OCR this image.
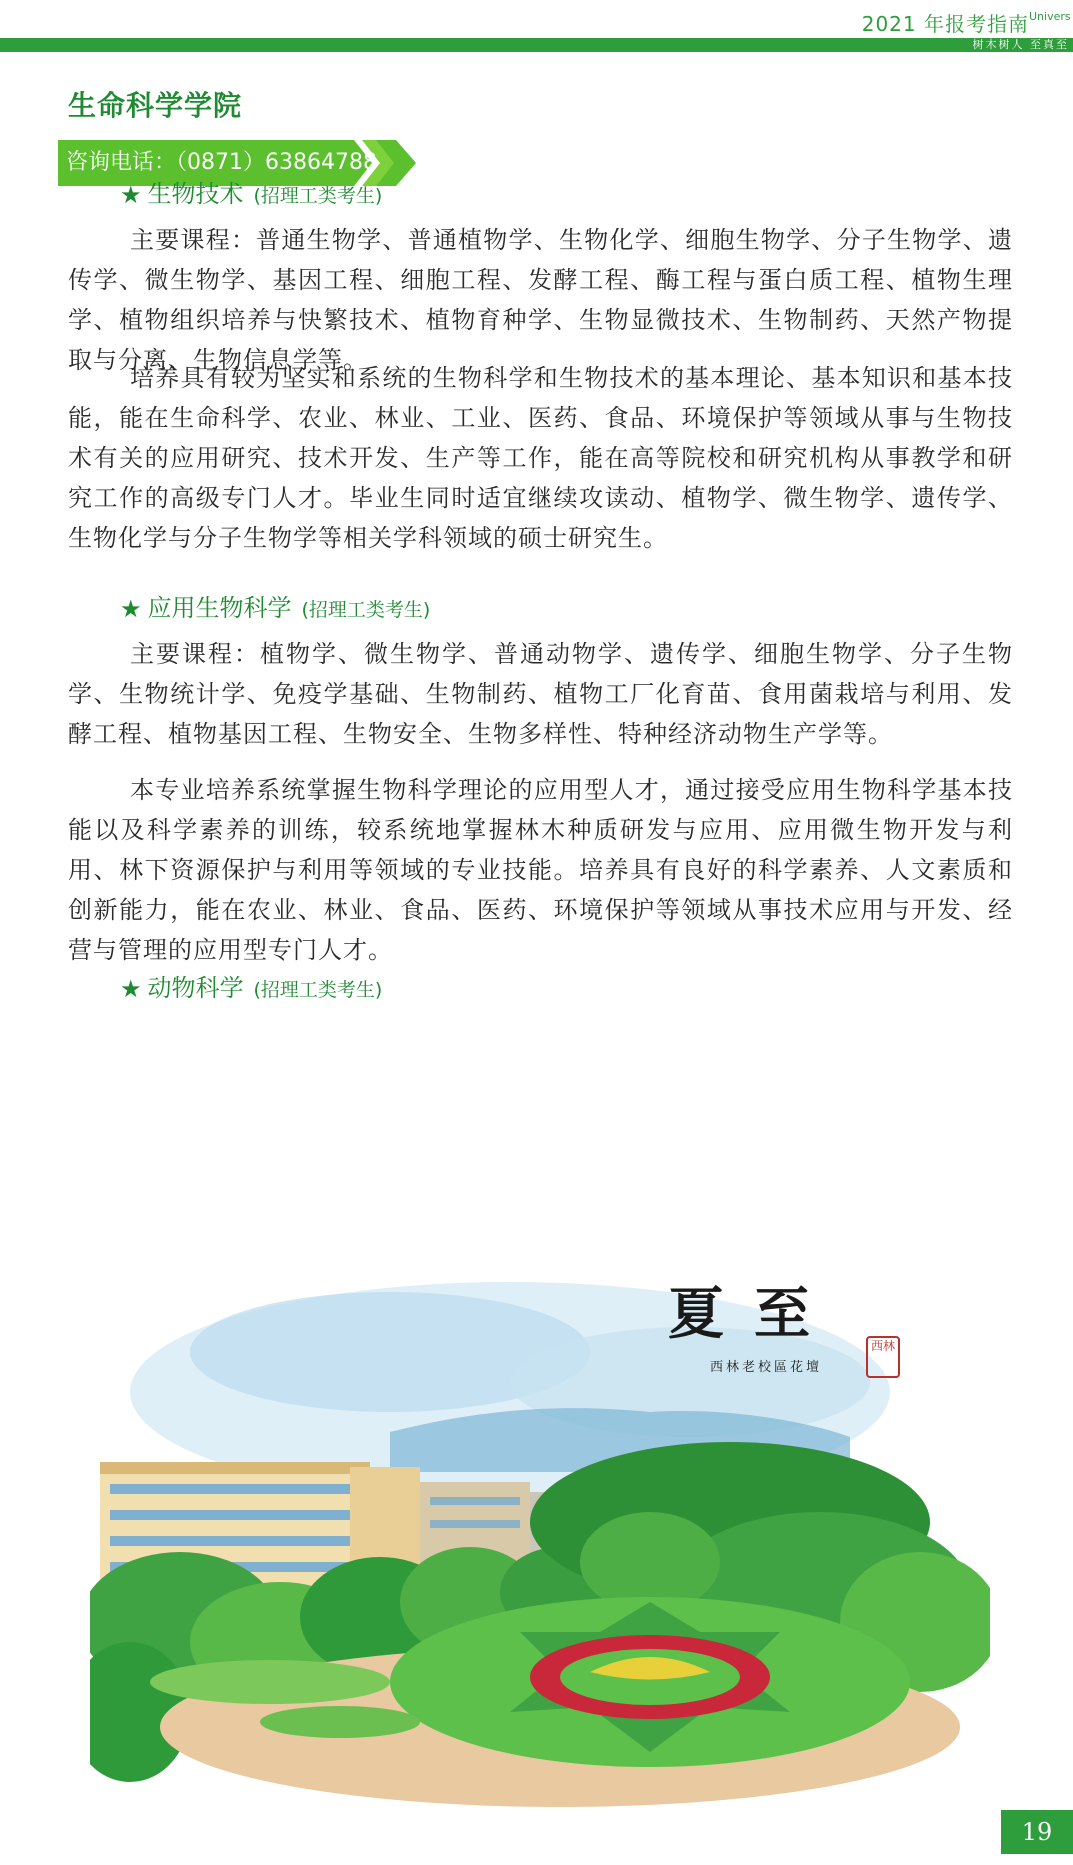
2021 年报考指南 Univers
树木树人 至真至
生命科学学院
咨询电话：（0871）63864788
★ 生物技术 (招理工类考生)

主要课程：普通生物学、普通植物学、生物化学、细胞生物学、分子生物学、遗传学、微生物学、基因工程、细胞工程、发酵工程、酶工程与蛋白质工程、植物生理学、植物组织培养与快繁技术、植物育种学、生物显微技术、生物制药、天然产物提取与分离、生物信息学等。

培养具有较为坚实和系统的生物科学和生物技术的基本理论、基本知识和基本技能，能在生命科学、农业、林业、工业、医药、食品、环境保护等领域从事与生物技术有关的应用研究、技术开发、生产等工作，能在高等院校和研究机构从事教学和研究工作的高级专门人才。毕业生同时适宜继续攻读动、植物学、微生物学、遗传学、生物化学与分子生物学等相关学科领域的硕士研究生。

★ 应用生物科学 (招理工类考生)

主要课程：植物学、微生物学、普通动物学、遗传学、细胞生物学、分子生物学、生物统计学、免疫学基础、生物制药、植物工厂化育苗、食用菌栽培与利用、发酵工程、植物基因工程、生物安全、生物多样性、特种经济动物生产学等。

本专业培养系统掌握生物科学理论的应用型人才，通过接受应用生物科学基本技能以及科学素养的训练，较系统地掌握林木种质研发与应用、应用微生物开发与利用、林下资源保护与利用等领域的专业技能。培养具有良好的科学素养、人文素质和创新能力，能在农业、林业、食品、医药、环境保护等领域从事技术应用与开发、经营与管理的应用型专门人才。

★ 动物科学 (招理工类考生)
夏至
西林老校區花壇
西林
19
